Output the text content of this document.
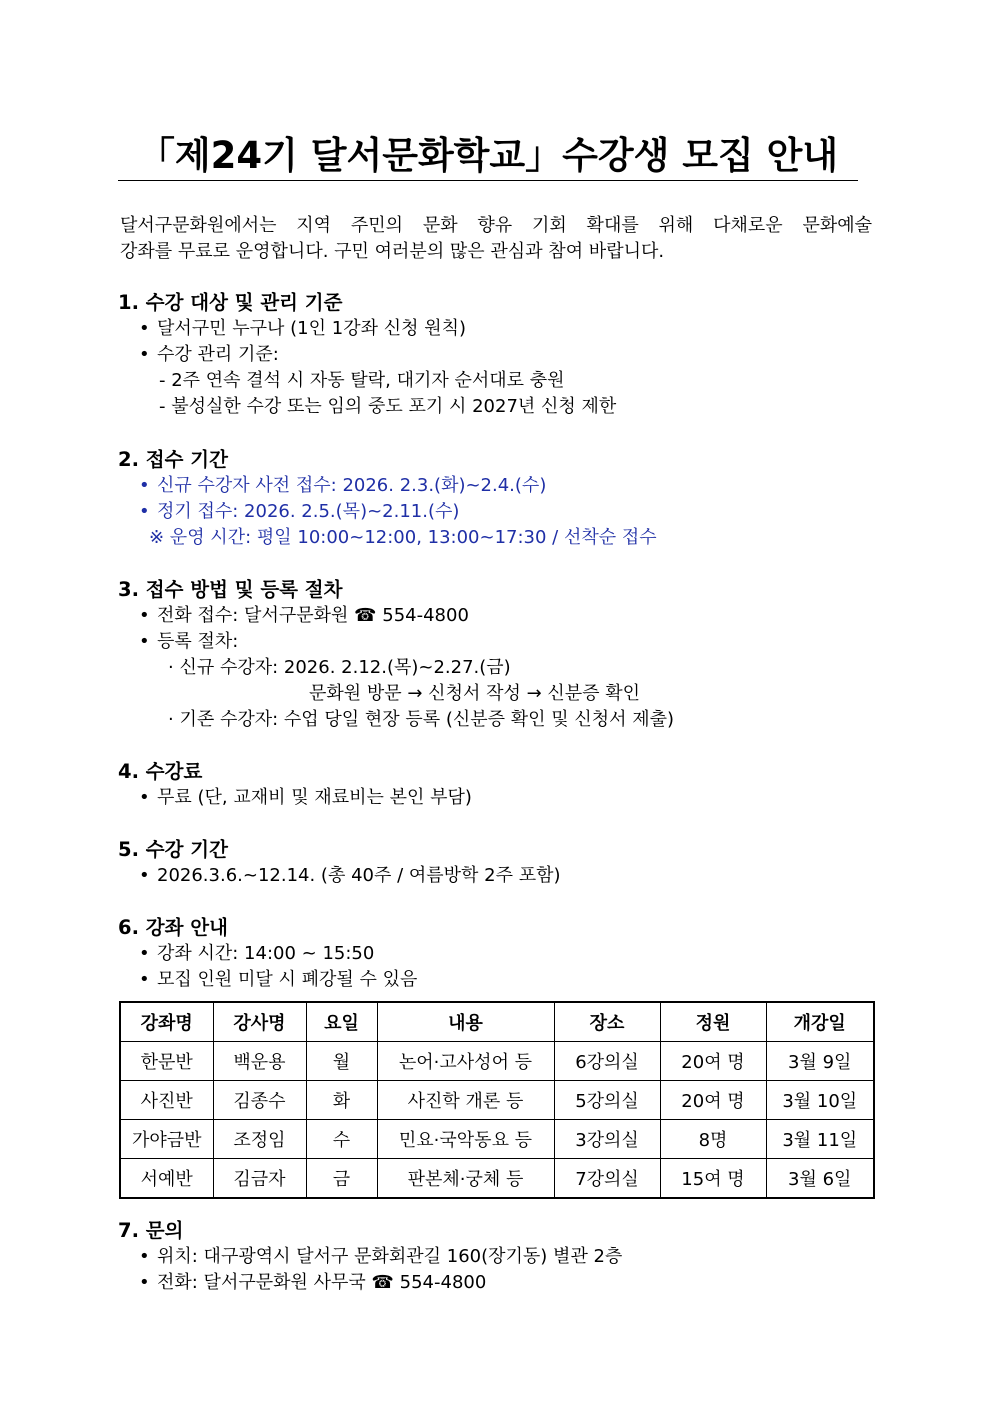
「제24기 달서문화학교」수강생 모집 안내

달서구문화원에서는 지역 주민의 문화 향유 기회 확대를 위해 다채로운 문화예술
강좌를 무료로 운영합니다. 구민 여러분의 많은 관심과 참여 바랍니다.

1. 수강 대상 및 관리 기준
• 달서구민 누구나 (1인 1강좌 신청 원칙)
• 수강 관리 기준:
- 2주 연속 결석 시 자동 탈락, 대기자 순서대로 충원
- 불성실한 수강 또는 임의 중도 포기 시 2027년 신청 제한
2. 접수 기간
• 신규 수강자 사전 접수: 2026. 2.3.(화)~2.4.(수)
• 정기 접수: 2026. 2.5.(목)~2.11.(수)
※ 운영 시간: 평일 10:00~12:00, 13:00~17:30 / 선착순 접수
3. 접수 방법 및 등록 절차
• 전화 접수: 달서구문화원 ☎ 554-4800
• 등록 절차:
· 신규 수강자: 2026. 2.12.(목)~2.27.(금)
문화원 방문 → 신청서 작성 → 신분증 확인
· 기존 수강자: 수업 당일 현장 등록 (신분증 확인 및 신청서 제출)
4. 수강료
• 무료 (단, 교재비 및 재료비는 본인 부담)
5. 수강 기간
• 2026.3.6.~12.14. (총 40주 / 여름방학 2주 포함)
6. 강좌 안내
• 강좌 시간: 14:00 ~ 15:50
• 모집 인원 미달 시 폐강될 수 있음
강좌명	강사명	요일	내용	장소	정원	개강일
한문반	백운용	월	논어·고사성어 등	6강의실	20여 명	3월 9일
사진반	김종수	화	사진학 개론 등	5강의실	20여 명	3월 10일
가야금반	조정임	수	민요·국악동요 등	3강의실	8명	3월 11일
서예반	김금자	금	판본체·궁체 등	7강의실	15여 명	3월 6일
7. 문의
• 위치: 대구광역시 달서구 문화회관길 160(장기동) 별관 2층
• 전화: 달서구문화원 사무국 ☎ 554-4800
